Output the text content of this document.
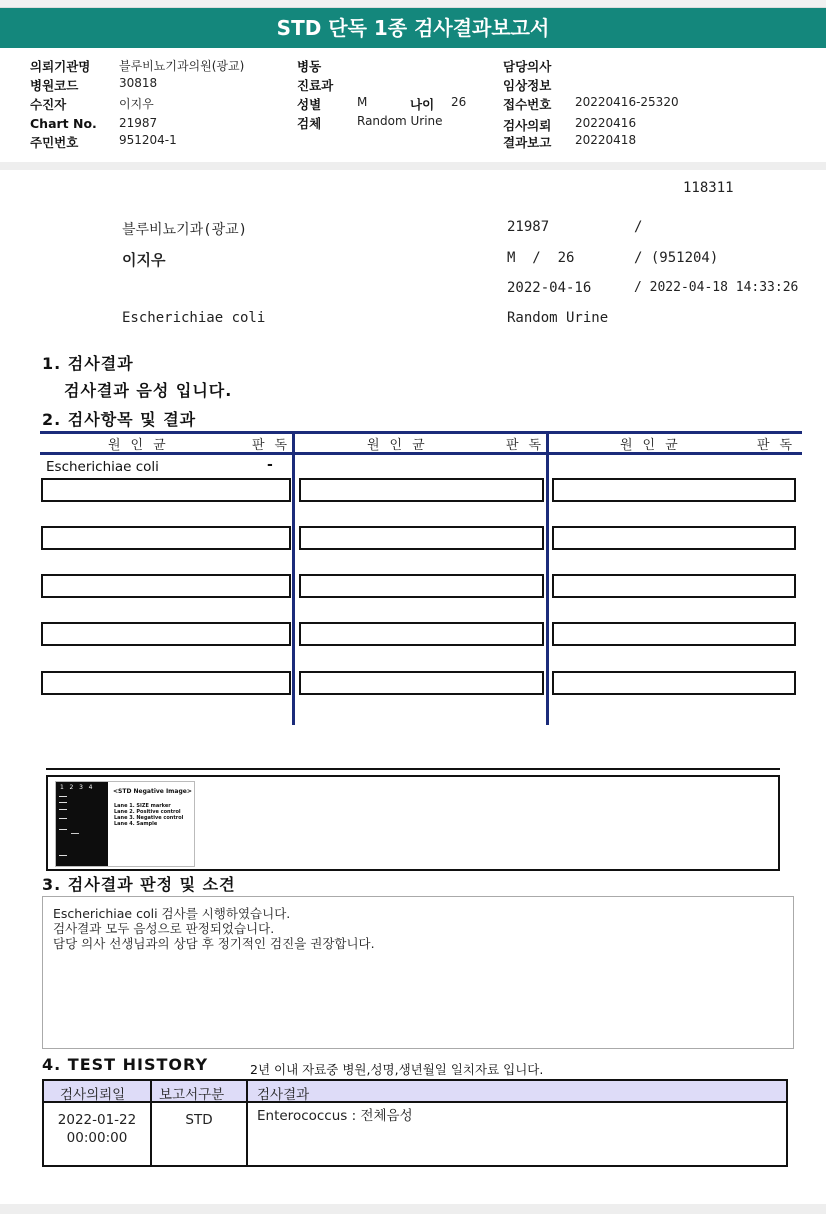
STD 단독 1종 검사결과보고서
의뢰기관명 블루비뇨기과의원(광교)
병원코드	30818
수진자	이지우
Chart No. 21987
주민번호	951204-1
병동
진료과
성별	M	나이 26
검체	Random Urine
담당의사
임상정보
접수번호 20220416-25320
검사의뢰 20220416
결과보고 20220418
118311
블루비뇨기과(광교)	21987	/
이지우	M  /  26	/ (951204)
2022-04-16	/ 2022-04-18 14:33:26
Escherichiae coli	Random Urine
1. 검사결과
검사결과 음성 입니다.
2. 검사항목 및 결과
원인균	판독	원인균	판독	원인균	판독
Escherichiae coli	-
1   2   3   4
<STD Negative Image>
Lane 1. SIZE marker
Lane 2. Positive control
Lane 3. Negative control
Lane 4. Sample
3. 검사결과 판정 및 소견
Escherichiae coli 검사를 시행하였습니다.
검사결과 모두 음성으로 판정되었습니다.
담당 의사 선생님과의 상담 후 정기적인 검진을 권장합니다.
4. TEST HISTORY	2년 이내 자료중 병원,성명,생년월일 일치자료 입니다.
검사의뢰일	보고서구분 검사결과
2022-01-22
00:00:00
STD	Enterococcus : 전체음성
